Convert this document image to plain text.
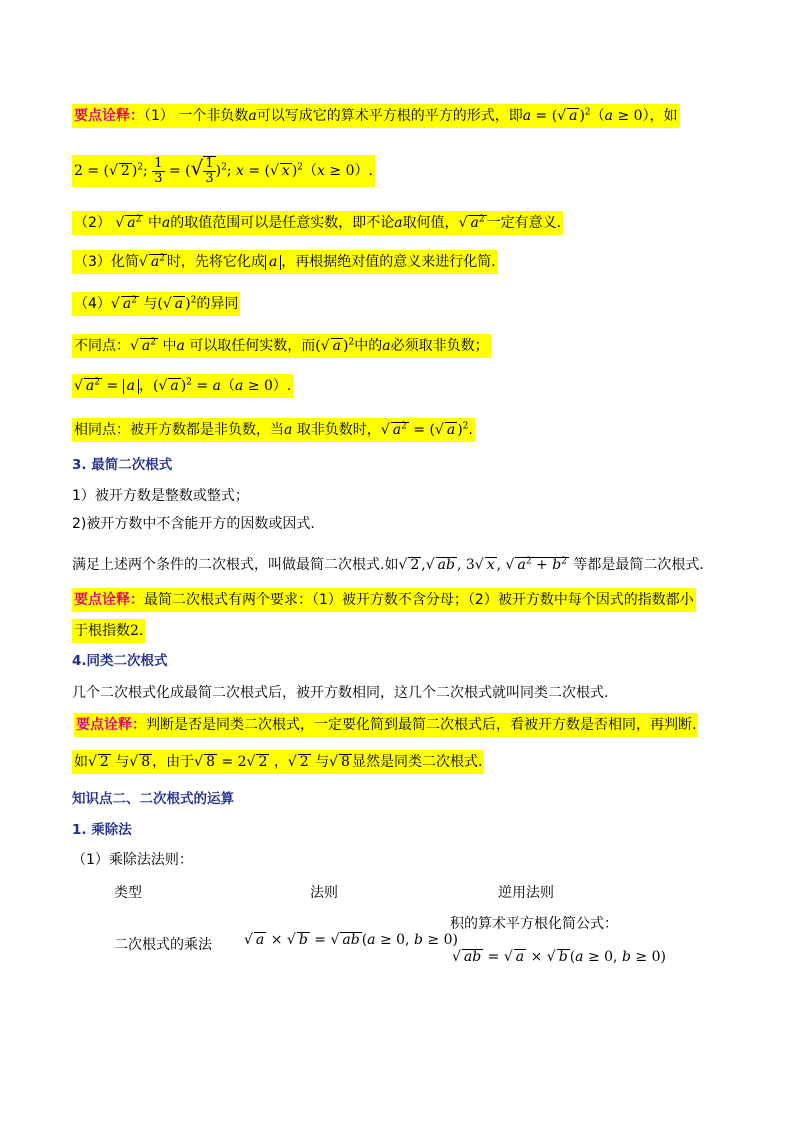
要点诠释：（1） 一个非负数a可以写成它的算术平方根的平方的形式，即a = (√ a )$^2$（a ≥ 0），如
2 = (√ 2 )$^2$; $\frac{1}{3}$ = (√ $\frac{1}{3} )^2$; x = (√ x )$^2$（x ≥ 0）.
（2） √ $a^2$ 中a的取值范围可以是任意实数，即不论a取何值，√ $a^2$ 一定有意义.
（3）化简√ $a^2$ 时，先将它化成 a ，再根据绝对值的意义来进行化简.
（4）√ $a^2$ 与(√ a )$^2$的异同
不同点：√ $a^2$ 中a 可以取任何实数，而(√ a )$^2$中的a必须取非负数；
√ $a^2 = a$ ，(√ a )$^2$ = a（a ≥ 0）.
相同点：被开方数都是非负数，当a 取非负数时，√ $a^2$ = (√ a )$^2$.
3. 最简二次根式
1）被开方数是整数或整式；
2)被开方数中不含能开方的因数或因式.
满足上述两个条件的二次根式，叫做最简二次根式.如√ 2 ,√ ab , 3√ x , √ $a^2 + b^2$ 等都是最简二次根式.
要点诠释：最简二次根式有两个要求：（1）被开方数不含分母；（2）被开方数中每个因式的指数都小
于根指数2.
4.同类二次根式
几个二次根式化成最简二次根式后，被开方数相同，这几个二次根式就叫同类二次根式.
要点诠释：判断是否是同类二次根式，一定要化简到最简二次根式后，看被开方数是否相同，再判断.
如√ 2 与√ 8 ，由于√ 8 = 2√ 2 ，√ 2 与√ 8 显然是同类二次根式.
知识点二、二次根式的运算
1. 乘除法
（1）乘除法法则：
类型	法则	逆用法则
积的算术平方根化简公式：
二次根式的乘法 √ a × √ b = √ ab (a ≥ 0, b ≥ 0)
√ ab = √ a × √ b (a ≥ 0, b ≥ 0)
